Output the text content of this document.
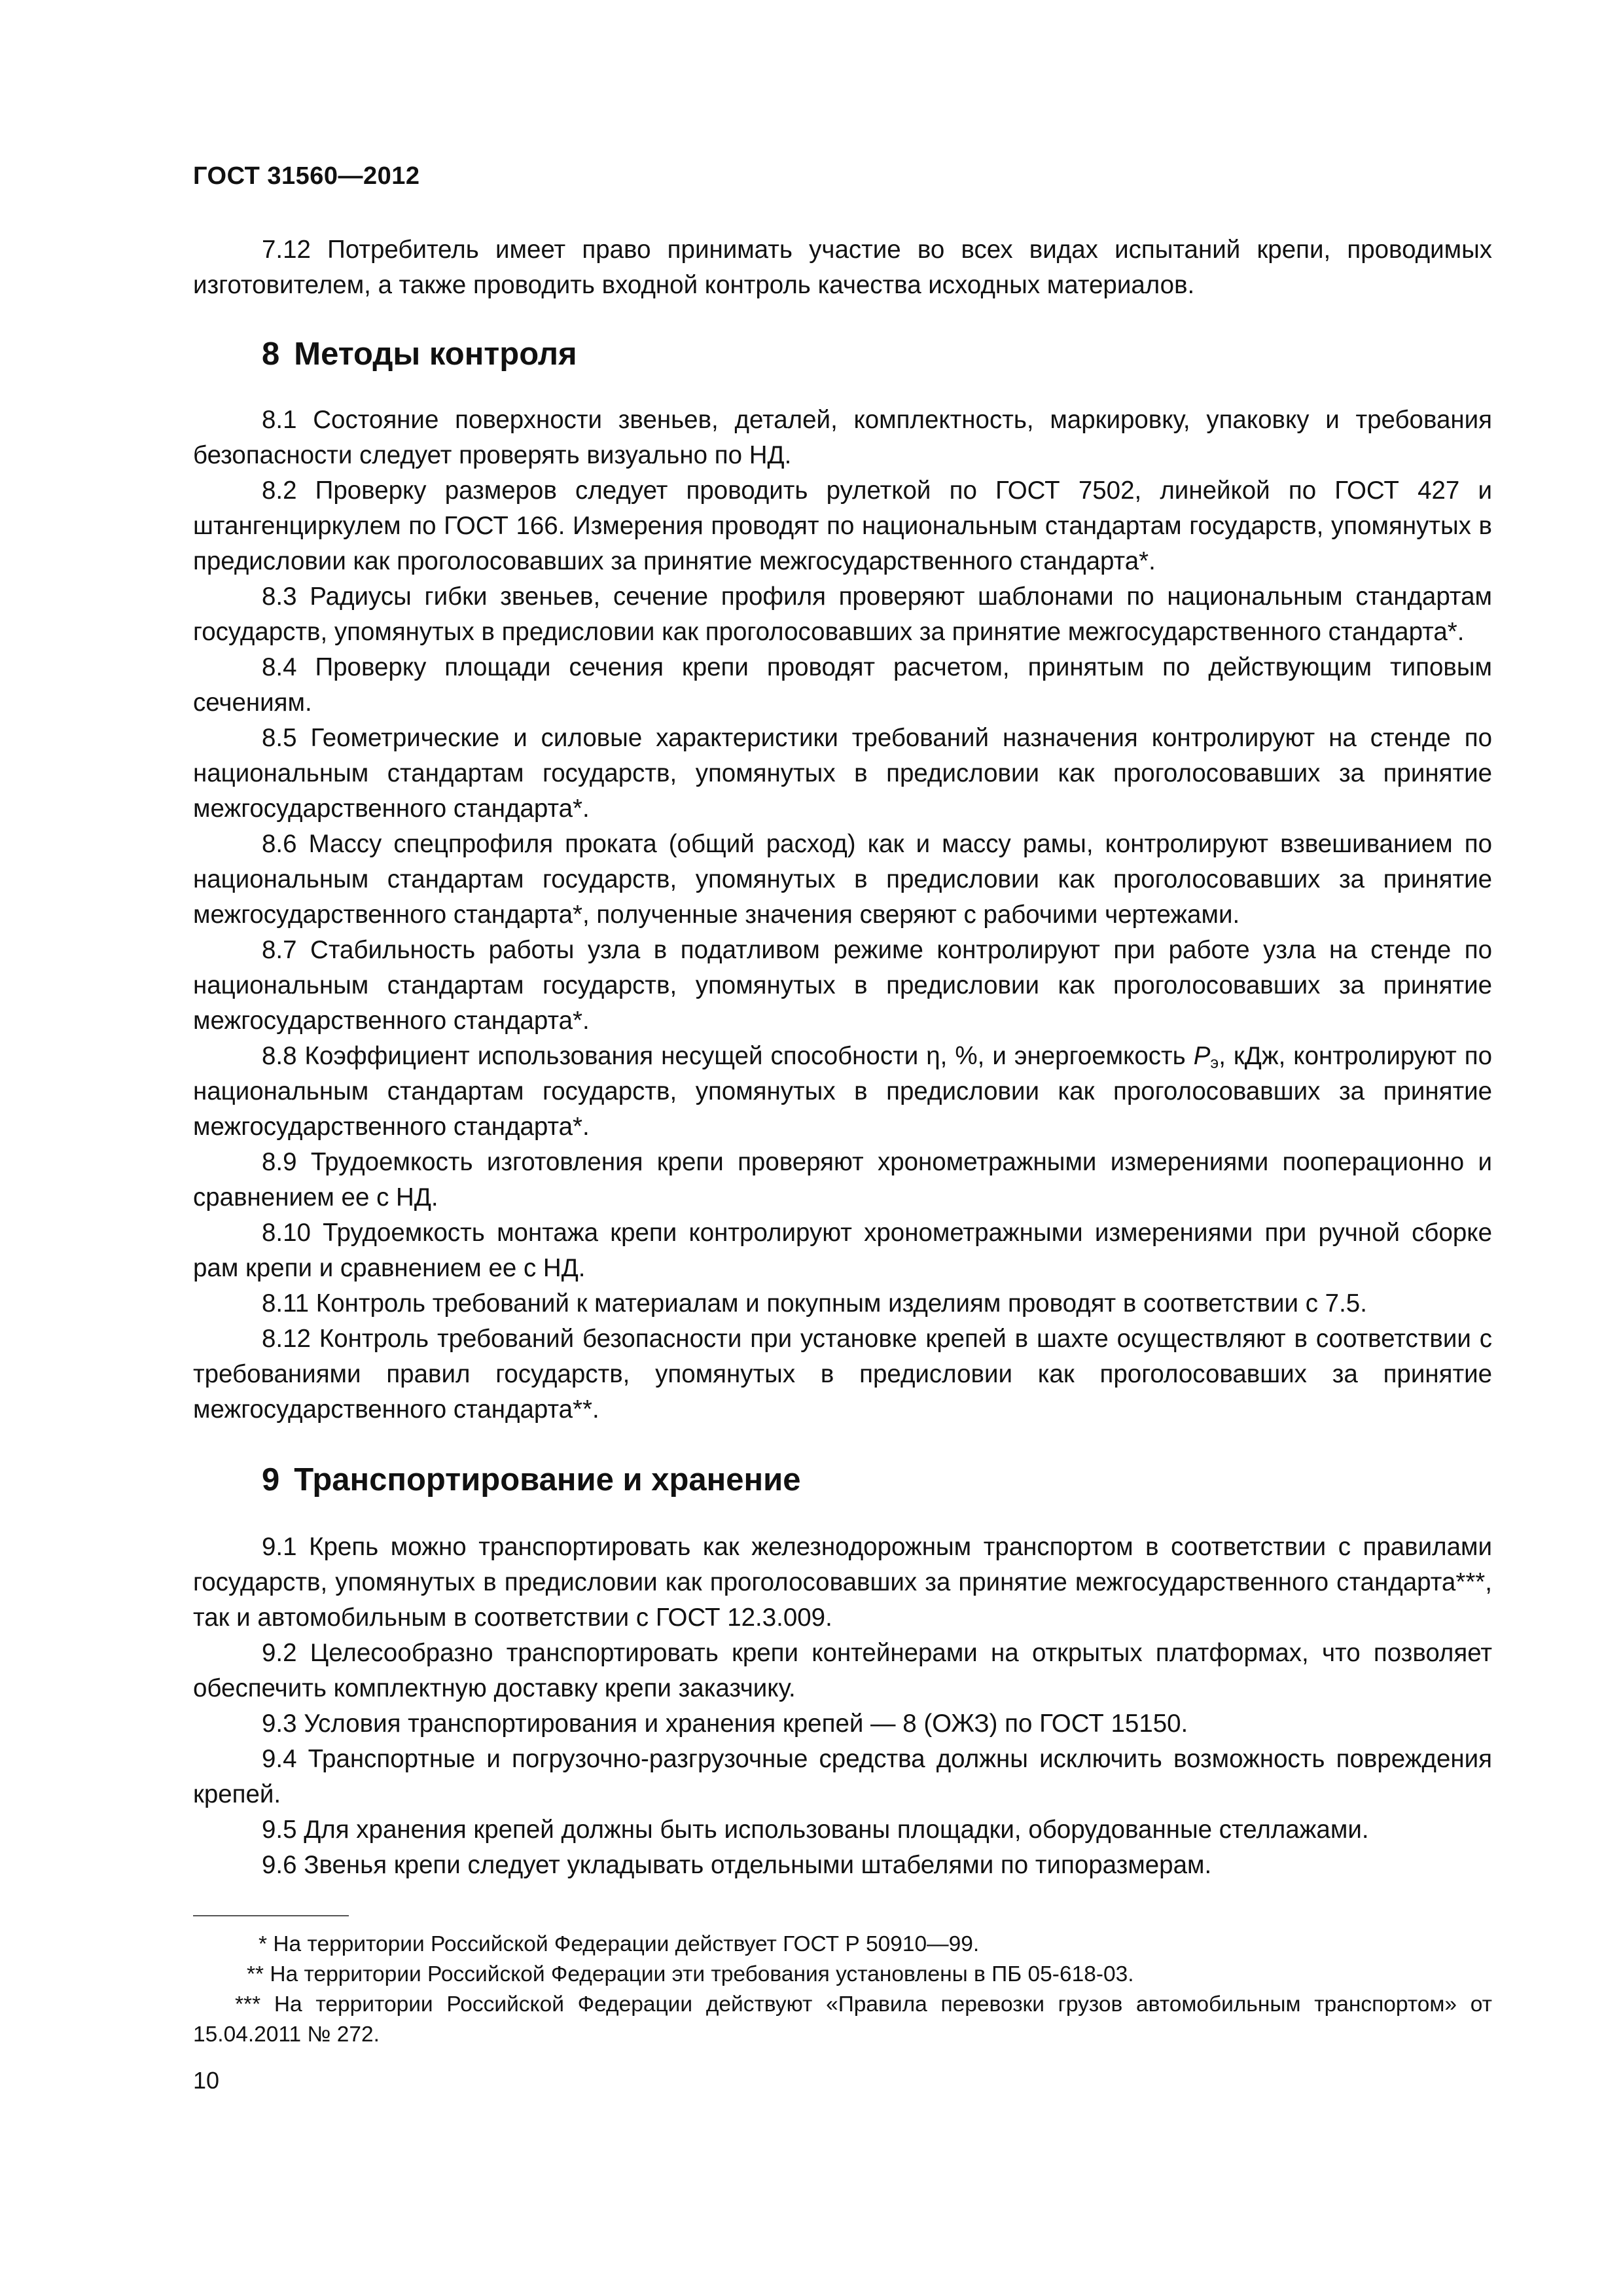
ГОСТ 31560—2012

7.12 Потребитель имеет право принимать участие во всех видах испытаний крепи, проводимых изготовителем, а также проводить входной контроль качества исходных материалов.

8 Методы контроля

8.1 Состояние поверхности звеньев, деталей, комплектность, маркировку, упаковку и требования безопасности следует проверять визуально по НД.

8.2 Проверку размеров следует проводить рулеткой по ГОСТ 7502, линейкой по ГОСТ 427 и штангенциркулем по ГОСТ 166. Измерения проводят по национальным стандартам государств, упомянутых в предисловии как проголосовавших за принятие межгосударственного стандарта*.

8.3 Радиусы гибки звеньев, сечение профиля проверяют шаблонами по национальным стандартам государств, упомянутых в предисловии как проголосовавших за принятие межгосударственного стандарта*.

8.4 Проверку площади сечения крепи проводят расчетом, принятым по действующим типовым сечениям.

8.5 Геометрические и силовые характеристики требований назначения контролируют на стенде по национальным стандартам государств, упомянутых в предисловии как проголосовавших за принятие межгосударственного стандарта*.

8.6 Массу спецпрофиля проката (общий расход) как и массу рамы, контролируют взвешиванием по национальным стандартам государств, упомянутых в предисловии как проголосовавших за принятие межгосударственного стандарта*, полученные значения сверяют с рабочими чертежами.

8.7 Стабильность работы узла в податливом режиме контролируют при работе узла на стенде по национальным стандартам государств, упомянутых в предисловии как проголосовавших за принятие межгосударственного стандарта*.

8.8 Коэффициент использования несущей способности η, %, и энергоемкость $P_э$, кДж, контролируют по национальным стандартам государств, упомянутых в предисловии как проголосовавших за принятие межгосударственного стандарта*.

8.9 Трудоемкость изготовления крепи проверяют хронометражными измерениями пооперационно и сравнением ее с НД.

8.10 Трудоемкость монтажа крепи контролируют хронометражными измерениями при ручной сборке рам крепи и сравнением ее с НД.

8.11 Контроль требований к материалам и покупным изделиям проводят в соответствии с 7.5.

8.12 Контроль требований безопасности при установке крепей в шахте осуществляют в соответствии с требованиями правил государств, упомянутых в предисловии как проголосовавших за принятие межгосударственного стандарта**.

9 Транспортирование и хранение

9.1 Крепь можно транспортировать как железнодорожным транспортом в соответствии с правилами государств, упомянутых в предисловии как проголосовавших за принятие межгосударственного стандарта***, так и автомобильным в соответствии с ГОСТ 12.3.009.

9.2 Целесообразно транспортировать крепи контейнерами на открытых платформах, что позволяет обеспечить комплектную доставку крепи заказчику.

9.3 Условия транспортирования и хранения крепей — 8 (ОЖЗ) по ГОСТ 15150.

9.4 Транспортные и погрузочно-разгрузочные средства должны исключить возможность повреждения крепей.

9.5 Для хранения крепей должны быть использованы площадки, оборудованные стеллажами.

9.6 Звенья крепи следует укладывать отдельными штабелями по типоразмерам.

* На территории Российской Федерации действует ГОСТ Р 50910—99.

** На территории Российской Федерации эти требования установлены в ПБ 05-618-03.

*** На территории Российской Федерации действуют «Правила перевозки грузов автомобильным транспортом» от 15.04.2011 № 272.

10
